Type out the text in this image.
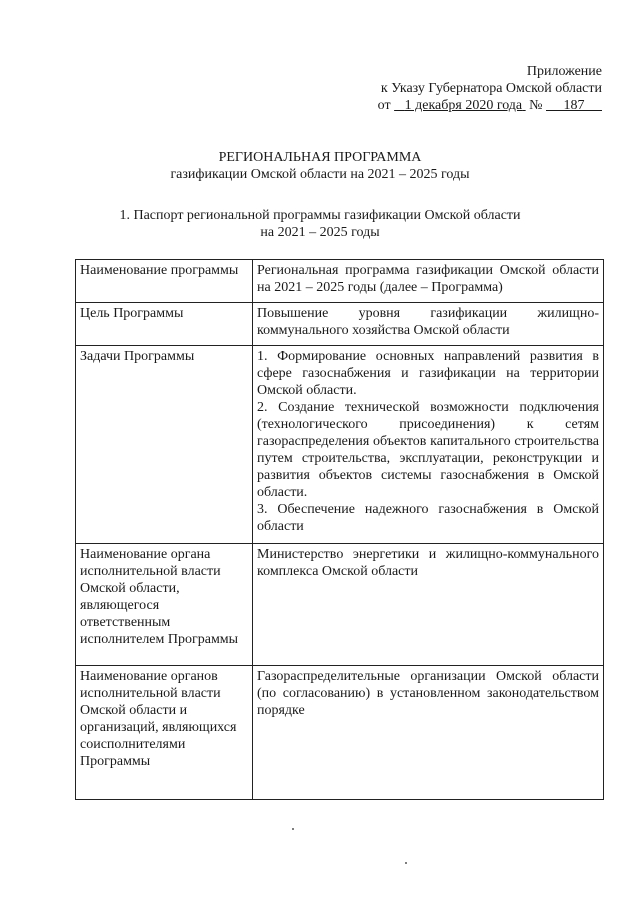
Приложение
к Указу Губернатора Омской области
от 1 декабря 2020 года № 187
РЕГИОНАЛЬНАЯ ПРОГРАММА
газификации Омской области на 2021 – 2025 годы
1. Паспорт региональной программы газификации Омской области
на 2021 – 2025 годы
Наименование программы	Региональная программа газификации Омской области на 2021 – 2025 годы (далее – Программа)

Цель Программы	Повышение уровня газификации жилищно-коммунального хозяйства Омской области

Задачи Программы	1. Формирование основных направлений развития в сфере газоснабжения и газификации на территории Омской области.
2. Создание технической возможности подключения (технологического присоединения) к сетям газораспределения объектов капитального строительства путем строительства, эксплуатации, реконструкции и развития объектов системы газоснабжения в Омской области.
3. Обеспечение надежного газоснабжения в Омской области

Наименование органа исполнительной власти Омской области, являющегося ответственным исполнителем Программы	Министерство энергетики и жилищно-коммунального комплекса Омской области

Наименование органов исполнительной власти Омской области и организаций, являющихся соисполнителями Программы	Газораспределительные организации Омской области (по согласованию) в установленном законодательством порядке
